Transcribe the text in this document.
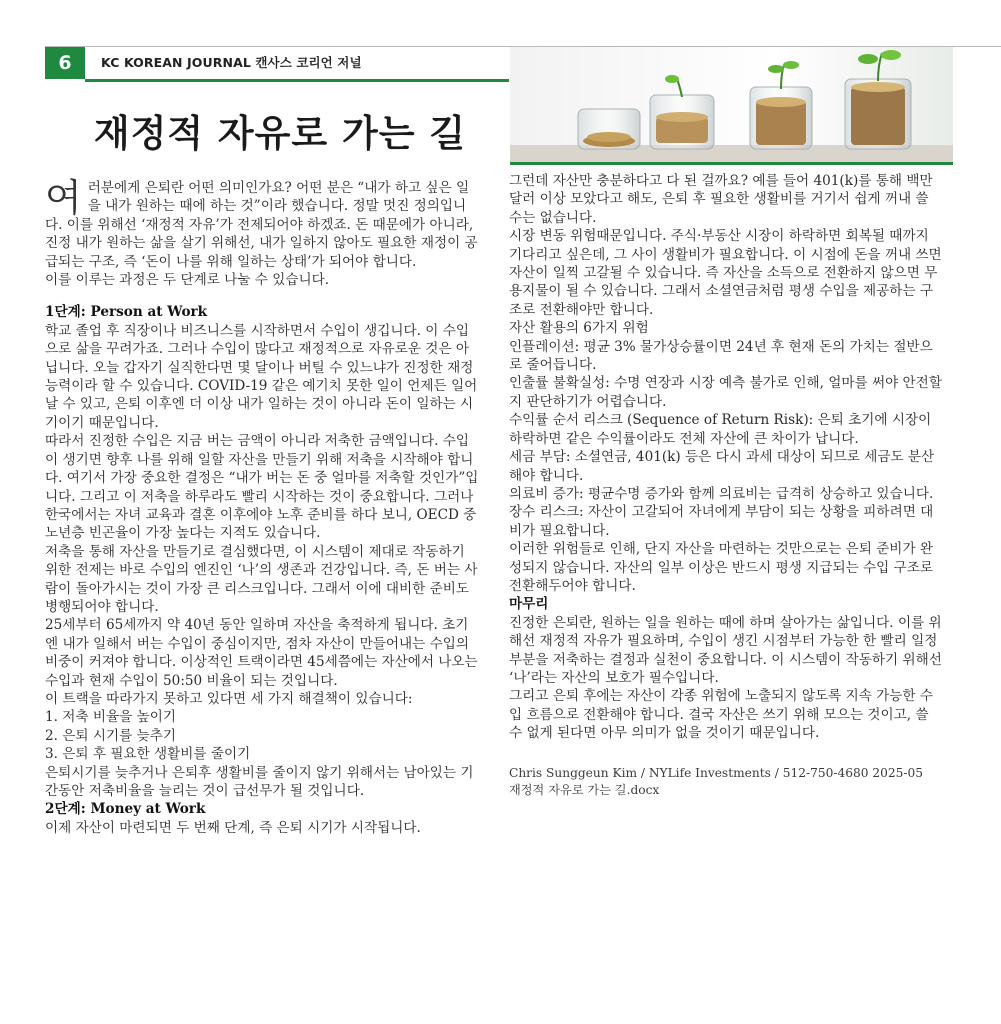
6	KC KOREAN JOURNAL 캔사스 코리언 저널
재정적 자유로 가는 길
여 러분에게 은퇴란 어떤 의미인가요? 어떤 분은 “내가 하고 싶은 일을 내가 원하는 때에 하는 것”이라 했습니다. 정말 멋진 정의입니다. 이를 위해선 ‘재정적 자유’가 전제되어야 하겠죠. 돈 때문에가 아니라, 진정 내가 원하는 삶을 살기 위해선, 내가 일하지 않아도 필요한 재정이 공급되는 구조, 즉 ‘돈이 나를 위해 일하는 상태’가 되어야 합니다.

이를 이루는 과정은 두 단계로 나눌 수 있습니다.

1단계: Person at Work

학교 졸업 후 직장이나 비즈니스를 시작하면서 수입이 생깁니다. 이 수입으로 삶을 꾸려가죠. 그러나 수입이 많다고 재정적으로 자유로운 것은 아닙니다. 오늘 갑자기 실직한다면 몇 달이나 버틸 수 있느냐가 진정한 재정 능력이라 할 수 있습니다. COVID-19 같은 예기치 못한 일이 언제든 일어날 수 있고, 은퇴 이후엔 더 이상 내가 일하는 것이 아니라 돈이 일하는 시기이기 때문입니다.

따라서 진정한 수입은 지금 버는 금액이 아니라 저축한 금액입니다. 수입이 생기면 향후 나를 위해 일할 자산을 만들기 위해 저축을 시작해야 합니다. 여기서 가장 중요한 결정은 “내가 버는 돈 중 얼마를 저축할 것인가”입니다. 그리고 이 저축을 하루라도 빨리 시작하는 것이 중요합니다. 그러나 한국에서는 자녀 교육과 결혼 이후에야 노후 준비를 하다 보니, OECD 중 노년층 빈곤율이 가장 높다는 지적도 있습니다.

저축을 통해 자산을 만들기로 결심했다면, 이 시스템이 제대로 작동하기 위한 전제는 바로 수입의 엔진인 ‘나’의 생존과 건강입니다. 즉, 돈 버는 사람이 돌아가시는 것이 가장 큰 리스크입니다. 그래서 이에 대비한 준비도 병행되어야 합니다.

25세부터 65세까지 약 40년 동안 일하며 자산을 축적하게 됩니다. 초기엔 내가 일해서 버는 수입이 중심이지만, 점차 자산이 만들어내는 수입의 비중이 커져야 합니다. 이상적인 트랙이라면 45세쯤에는 자산에서 나오는 수입과 현재 수입이 50:50 비율이 되는 것입니다.

이 트랙을 따라가지 못하고 있다면 세 가지 해결책이 있습니다:

1. 저축 비율을 높이기

2. 은퇴 시기를 늦추기

3. 은퇴 후 필요한 생활비를 줄이기

은퇴시기를 늦추거나 은퇴후 생활비를 줄이지 않기 위해서는 남아있는 기간동안 저축비율을 늘리는 것이 급선무가 될 것입니다.

2단계: Money at Work

이제 자산이 마련되면 두 번째 단계, 즉 은퇴 시기가 시작됩니다.

그런데 자산만 충분하다고 다 된 걸까요? 예를 들어 401(k)를 통해 백만 달러 이상 모았다고 해도, 은퇴 후 필요한 생활비를 거기서 쉽게 꺼내 쓸 수는 없습니다.

시장 변동 위험때문입니다. 주식·부동산 시장이 하락하면 회복될 때까지 기다리고 싶은데, 그 사이 생활비가 필요합니다. 이 시점에 돈을 꺼내 쓰면 자산이 일찍 고갈될 수 있습니다. 즉 자산을 소득으로 전환하지 않으면 무용지물이 될 수 있습니다. 그래서 소셜연금처럼 평생 수입을 제공하는 구조로 전환해야만 합니다.

자산 활용의 6가지 위험

인플레이션: 평균 3% 물가상승률이면 24년 후 현재 돈의 가치는 절반으로 줄어듭니다.

인출률 불확실성: 수명 연장과 시장 예측 불가로 인해, 얼마를 써야 안전할지 판단하기가 어렵습니다.

수익률 순서 리스크 (Sequence of Return Risk): 은퇴 초기에 시장이 하락하면 같은 수익률이라도 전체 자산에 큰 차이가 납니다.

세금 부담: 소셜연금, 401(k) 등은 다시 과세 대상이 되므로 세금도 분산해야 합니다.

의료비 증가: 평균수명 증가와 함께 의료비는 급격히 상승하고 있습니다.

장수 리스크: 자산이 고갈되어 자녀에게 부담이 되는 상황을 피하려면 대비가 필요합니다.

이러한 위험들로 인해, 단지 자산을 마련하는 것만으로는 은퇴 준비가 완성되지 않습니다. 자산의 일부 이상은 반드시 평생 지급되는 수입 구조로 전환해두어야 합니다.

마무리

진정한 은퇴란, 원하는 일을 원하는 때에 하며 살아가는 삶입니다. 이를 위해선 재정적 자유가 필요하며, 수입이 생긴 시점부터 가능한 한 빨리 일정 부분을 저축하는 결정과 실천이 중요합니다. 이 시스템이 작동하기 위해선 ‘나’라는 자산의 보호가 필수입니다.

그리고 은퇴 후에는 자산이 각종 위험에 노출되지 않도록 지속 가능한 수입 흐름으로 전환해야 합니다. 결국 자산은 쓰기 위해 모으는 것이고, 쓸 수 없게 된다면 아무 의미가 없을 것이기 때문입니다.

Chris Sunggeun Kim / NYLife Investments / 512-750-4680 2025-05

재정적 자유로 가는 길.docx
